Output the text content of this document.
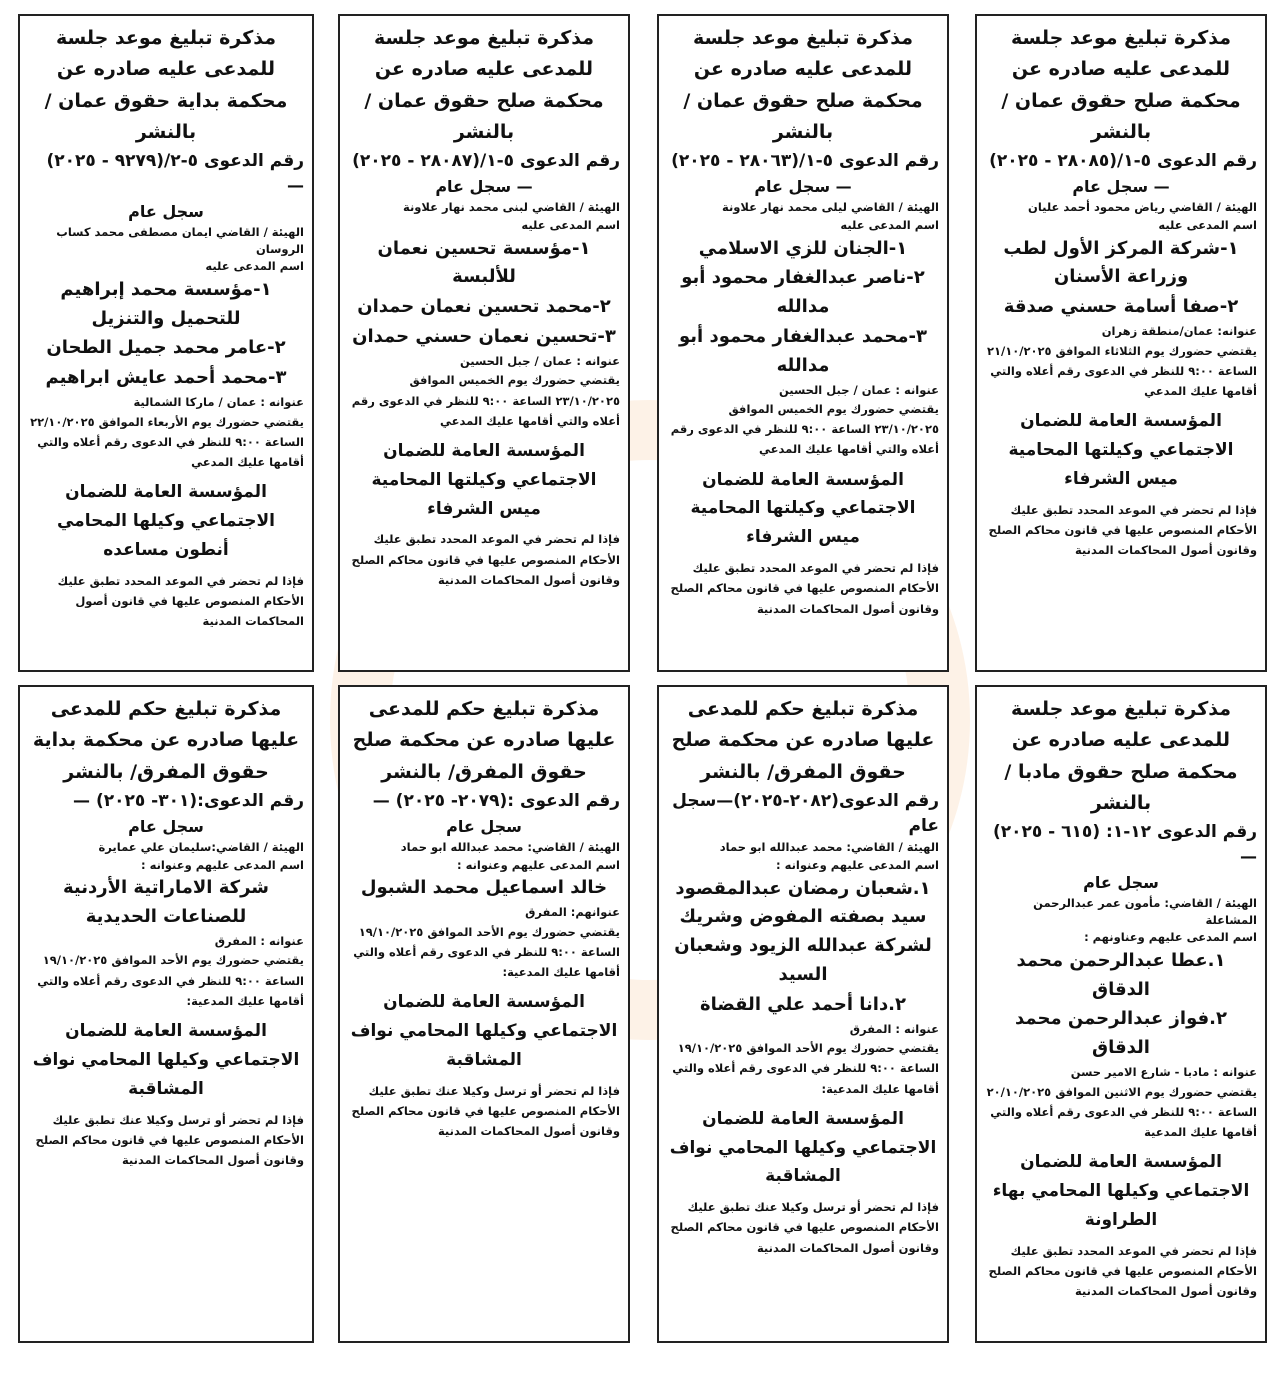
مذكرة تبليغ موعد جلسة للمدعى عليه صادره عن محكمة صلح حقوق عمان / بالنشر
رقم الدعوى ٥-١/(٢٨٠٨٥ - ٢٠٢٥)
— سجل عام
الهيئة / القاضي رياض محمود أحمد عليان
اسم المدعى عليه
١-شركة المركز الأول لطب وزراعة الأسنان
٢-صفا أسامة حسني صدقة
عنوانه: عمان/منطقة زهران
يقتضي حضورك يوم الثلاثاء الموافق ٢١/١٠/٢٠٢٥ الساعة ٩:٠٠ للنظر في الدعوى رقم أعلاه والتي أقامها عليك المدعي
المؤسسة العامة للضمان الاجتماعي وكيلتها المحامية ميس الشرفاء
فإذا لم تحضر في الموعد المحدد تطبق عليك الأحكام المنصوص عليها في قانون محاكم الصلح وقانون أصول المحاكمات المدنية
مذكرة تبليغ موعد جلسة للمدعى عليه صادره عن محكمة صلح حقوق عمان / بالنشر
رقم الدعوى ٥-١/(٢٨٠٦٣ - ٢٠٢٥)
— سجل عام
الهيئة / القاضي ليلى محمد نهار علاونة
اسم المدعى عليه
١-الجنان للزي الاسلامي
٢-ناصر عبدالغفار محمود أبو مدالله
٣-محمد عبدالغفار محمود أبو مدالله
عنوانه : عمان / جبل الحسين
يقتضي حضورك يوم الخميس الموافق ٢٣/١٠/٢٠٢٥ الساعة ٩:٠٠ للنظر في الدعوى رقم أعلاه والتي أقامها عليك المدعي
المؤسسة العامة للضمان الاجتماعي وكيلتها المحامية ميس الشرفاء
فإذا لم تحضر في الموعد المحدد تطبق عليك الأحكام المنصوص عليها في قانون محاكم الصلح وقانون أصول المحاكمات المدنية
مذكرة تبليغ موعد جلسة للمدعى عليه صادره عن محكمة صلح حقوق عمان / بالنشر
رقم الدعوى ٥-١/(٢٨٠٨٧ - ٢٠٢٥)
— سجل عام
الهيئة / القاضي لبنى محمد نهار علاونة
اسم المدعى عليه
١-مؤسسة تحسين نعمان للألبسة
٢-محمد تحسين نعمان حمدان
٣-تحسين نعمان حسني حمدان
عنوانه : عمان / جبل الحسين
يقتضي حضورك يوم الخميس الموافق ٢٣/١٠/٢٠٢٥ الساعة ٩:٠٠ للنظر في الدعوى رقم أعلاه والتي أقامها عليك المدعي
المؤسسة العامة للضمان الاجتماعي وكيلتها المحامية ميس الشرفاء
فإذا لم تحضر في الموعد المحدد تطبق عليك الأحكام المنصوص عليها في قانون محاكم الصلح وقانون أصول المحاكمات المدنية
مذكرة تبليغ موعد جلسة للمدعى عليه صادره عن محكمة بداية حقوق عمان / بالنشر
رقم الدعوى ٥-٢/(٩٢٧٩ - ٢٠٢٥) —
سجل عام
الهيئة / القاضي ايمان مصطفى محمد كساب الروسان
اسم المدعى عليه
١-مؤسسة محمد إبراهيم للتحميل والتنزيل
٢-عامر محمد جميل الطحان
٣-محمد أحمد عايش ابراهيم
عنوانه : عمان / ماركا الشمالية
يقتضي حضورك يوم الأربعاء الموافق ٢٢/١٠/٢٠٢٥ الساعة ٩:٠٠ للنظر في الدعوى رقم أعلاه والتي أقامها عليك المدعي
المؤسسة العامة للضمان الاجتماعي وكيلها المحامي أنطون مساعده
فإذا لم تحضر في الموعد المحدد تطبق عليك الأحكام المنصوص عليها في قانون أصول المحاكمات المدنية
مذكرة تبليغ موعد جلسة للمدعى عليه صادره عن محكمة صلح حقوق مادبا / بالنشر
رقم الدعوى ١٢-١: (٦١٥ - ٢٠٢٥) —
سجل عام
الهيئة / القاضي: مأمون عمر عبدالرحمن المشاعلة
اسم المدعى عليهم وعناونهم :
١.عطا عبدالرحمن محمد الدقاق
٢.فواز عبدالرحمن محمد الدقاق
عنوانه : مادبا - شارع الامير حسن
يقتضي حضورك يوم الاثنين الموافق ٢٠/١٠/٢٠٢٥ الساعة ٩:٠٠ للنظر في الدعوى رقم أعلاه والتي أقامها عليك المدعية
المؤسسة العامة للضمان الاجتماعي وكيلها المحامي بهاء الطراونة
فإذا لم تحضر في الموعد المحدد تطبق عليك الأحكام المنصوص عليها في قانون محاكم الصلح وقانون أصول المحاكمات المدنية
مذكرة تبليغ حكم للمدعى عليها صادره عن محكمة صلح حقوق المفرق/ بالنشر
رقم الدعوى(٢٠٨٢-٢٠٢٥)—سجل عام
الهيئة / القاضي: محمد عبدالله ابو حماد
اسم المدعى عليهم وعنوانه :
١.شعبان رمضان عبدالمقصود سيد بصفته المفوض وشريك لشركة عبدالله الزيود وشعبان السيد
٢.دانا أحمد علي القضاة
عنوانه : المفرق
يقتضي حضورك يوم الأحد الموافق ١٩/١٠/٢٠٢٥ الساعة ٩:٠٠ للنظر في الدعوى رقم أعلاه والتي أقامها عليك المدعية:
المؤسسة العامة للضمان الاجتماعي وكيلها المحامي نواف المشاقبة
فإذا لم تحضر أو ترسل وكيلا عنك تطبق عليك الأحكام المنصوص عليها في قانون محاكم الصلح وقانون أصول المحاكمات المدنية
مذكرة تبليغ حكم للمدعى عليها صادره عن محكمة صلح حقوق المفرق/ بالنشر
رقم الدعوى :(٢٠٧٩- ٢٠٢٥) —
سجل عام
الهيئة / القاضي: محمد عبدالله ابو حماد
اسم المدعى عليهم وعنوانه :
خالد اسماعيل محمد الشبول
عنوانهم: المفرق
يقتضي حضورك يوم الأحد الموافق ١٩/١٠/٢٠٢٥ الساعة ٩:٠٠ للنظر في الدعوى رقم أعلاه والتي أقامها عليك المدعية:
المؤسسة العامة للضمان الاجتماعي وكيلها المحامي نواف المشاقبة
فإذا لم تحضر أو ترسل وكيلا عنك تطبق عليك الأحكام المنصوص عليها في قانون محاكم الصلح وقانون أصول المحاكمات المدنية
مذكرة تبليغ حكم للمدعى عليها صادره عن محكمة بداية حقوق المفرق/ بالنشر
رقم الدعوى:(٣٠١- ٢٠٢٥) —
سجل عام
الهيئة / القاضي:سليمان علي عمايرة
اسم المدعى عليهم وعنوانه :
شركة الاماراتية الأردنية للصناعات الحديدية
عنوانه : المفرق
يقتضي حضورك يوم الأحد الموافق ١٩/١٠/٢٠٢٥ الساعة ٩:٠٠ للنظر في الدعوى رقم أعلاه والتي أقامها عليك المدعية:
المؤسسة العامة للضمان الاجتماعي وكيلها المحامي نواف المشاقبة
فإذا لم تحضر أو ترسل وكيلا عنك تطبق عليك الأحكام المنصوص عليها في قانون محاكم الصلح وقانون أصول المحاكمات المدنية
